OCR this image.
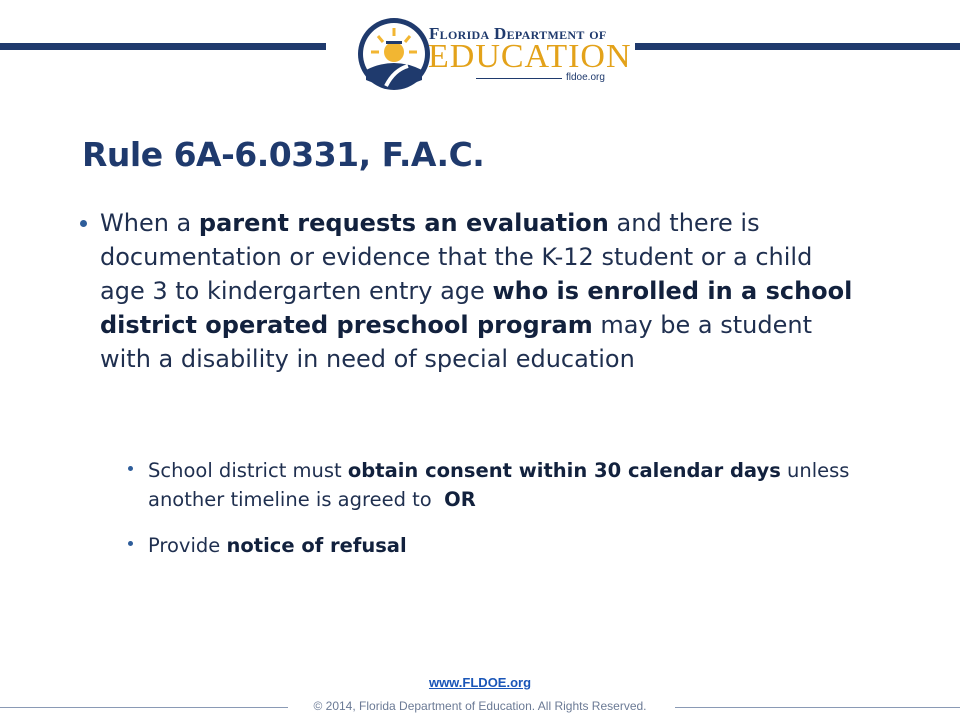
Florida Department of
EDUCATION
fldoe.org
Rule 6A-6.0331, F.A.C.

When a parent requests an evaluation and there is documentation or evidence that the K-12 student or a child age 3 to kindergarten entry age who is enrolled in a school district operated preschool program may be a student with a disability in need of special education

School district must obtain consent within 30 calendar days unless another timeline is agreed to  OR

Provide notice of refusal

www.FLDOE.org
© 2014, Florida Department of Education. All Rights Reserved.
